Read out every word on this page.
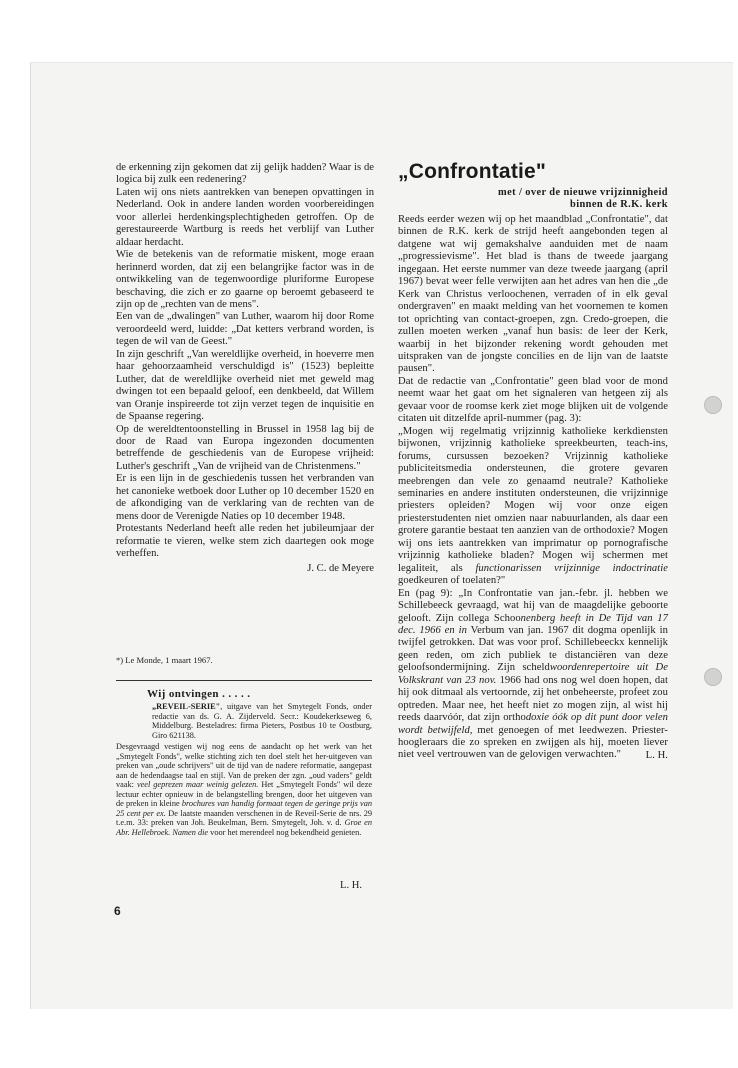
de erkenning zijn gekomen dat zij gelijk hadden? Waar is de logica bij zulk een redenering?

Laten wij ons niets aantrekken van benepen opvattingen in Nederland. Ook in andere landen worden voorbereidingen voor allerlei herdenkingsplechtigheden getroffen. Op de gerestaureerde Wartburg is reeds het verblijf van Luther aldaar herdacht.

Wie de betekenis van de reformatie miskent, moge eraan herinnerd worden, dat zij een belangrijke factor was in de ontwikkeling van de tegenwoordige pluriforme Europese beschaving, die zich er zo gaarne op beroemt gebaseerd te zijn op de „rechten van de mens".

Een van de „dwalingen" van Luther, waarom hij door Rome veroordeeld werd, luidde: „Dat ketters verbrand worden, is tegen de wil van de Geest."

In zijn geschrift „Van wereldlijke overheid, in hoeverre men haar gehoorzaamheid verschuldigd is" (1523) bepleitte Luther, dat de wereldlijke overheid niet met geweld mag dwingen tot een bepaald geloof, een denkbeeld, dat Willem van Oranje inspireerde tot zijn verzet tegen de inquisitie en de Spaanse regering.

Op de wereldtentoonstelling in Brussel in 1958 lag bij de door de Raad van Europa ingezonden documenten betreffende de geschiedenis van de Europese vrijheid: Luther's geschrift „Van de vrijheid van de Christenmens."

Er is een lijn in de geschiedenis tussen het verbranden van het canonieke wetboek door Luther op 10 december 1520 en de afkondiging van de verklaring van de rechten van de mens door de Verenigde Naties op 10 december 1948.

Protestants Nederland heeft alle reden het jubileumjaar der reformatie te vieren, welke stem zich daartegen ook moge verheffen.

J. C. de Meyere

*) Le Monde, 1 maart 1967.
Wij ontvingen . . . . .

„REVEIL-SERIE", uitgave van het Smytegelt Fonds, onder redactie van ds. G. A. Zijderveld. Secr.: Koudekerkseweg 6, Middelburg. Besteladres: firma Pieters, Postbus 10 te Oostburg, Giro 621138.

Desgevraagd vestigen wij nog eens de aandacht op het werk van het „Smytegelt Fonds", welke stichting zich ten doel stelt het her-uitgeven van preken van „oude schrijvers" uit de tijd van de nadere reformatie, aangepast aan de hedendaagse taal en stijl. Van de preken der zgn. „oud vaders" geldt vaak: veel geprezen maar weinig gelezen. Het „Smytegelt Fonds" wil deze lectuur echter opnieuw in de belangstelling brengen, door het uitgeven van de preken in kleine brochures van handig formaat tegen de geringe prijs van 25 cent per ex. De laatste maanden verschenen in de Reveil-Serie de nrs. 29 t.e.m. 33: preken van Joh. Beukelman, Bern. Smytegelt, Joh. v. d. Groe en Abr. Hellebroek. Namen die voor het merendeel nog bekendheid genieten.

L. H.
6
„Confrontatie"
met / over de nieuwe vrijzinnigheid
binnen de R.K. kerk

Reeds eerder wezen wij op het maandblad „Confrontatie", dat binnen de R.K. kerk de strijd heeft aangebonden tegen al datgene wat wij gemakshalve aanduiden met de naam „progressievisme". Het blad is thans de tweede jaargang ingegaan. Het eerste nummer van deze tweede jaargang (april 1967) bevat weer felle verwijten aan het adres van hen die „de Kerk van Christus verloochenen, verraden of in elk geval ondergraven" en maakt melding van het voornemen te komen tot oprichting van contact-groepen, zgn. Credo-groepen, die zullen moeten werken „vanaf hun basis: de leer der Kerk, waarbij in het bijzonder rekening wordt gehouden met uitspraken van de jongste concilies en de lijn van de laatste pausen".

Dat de redactie van „Confrontatie" geen blad voor de mond neemt waar het gaat om het signaleren van hetgeen zij als gevaar voor de roomse kerk ziet moge blijken uit de volgende citaten uit ditzelfde april-nummer (pag. 3):

„Mogen wij regelmatig vrijzinnig katholieke kerkdiensten bijwonen, vrijzinnig katholieke spreekbeurten, teach-ins, forums, cursussen bezoeken? Vrijzinnig katholieke publiciteitsmedia ondersteunen, die grotere gevaren meebrengen dan vele zo genaamd neutrale? Katholieke seminaries en andere instituten ondersteunen, die vrijzinnige priesters opleiden? Mogen wij voor onze eigen priesterstudenten niet omzien naar nabuurlanden, als daar een grotere garantie bestaat ten aanzien van de orthodoxie? Mogen wij ons iets aantrekken van imprimatur op pornografische vrijzinnig katholieke bladen? Mogen wij schermen met legaliteit, als functionarissen vrijzinnige indoctrinatie goedkeuren of toelaten?"

En (pag 9): „In Confrontatie van jan.-febr. jl. hebben we Schillebeeck gevraagd, wat hij van de maagdelijke geboorte gelooft. Zijn collega Schoonenberg heeft in De Tijd van 17 dec. 1966 en in Verbum van jan. 1967 dit dogma openlijk in twijfel getrokken. Dat was voor prof. Schillebeeckx kennelijk geen reden, om zich publiek te distanciëren van deze geloofsondermijning. Zijn scheldwoordenrepertoire uit De Volkskrant van 23 nov. 1966 had ons nog wel doen hopen, dat hij ook ditmaal als vertoornde, zij het onbeheerste, profeet zou optreden. Maar nee, het heeft niet zo mogen zijn, al wist hij reeds daarvóór, dat zijn orthodoxie óók op dit punt door velen wordt betwijfeld, met genoegen of met leedwezen. Priester-hoogleraars die zo spreken en zwijgen als hij, moeten liever niet veel vertrouwen van de gelovigen verwachten."	L. H.
